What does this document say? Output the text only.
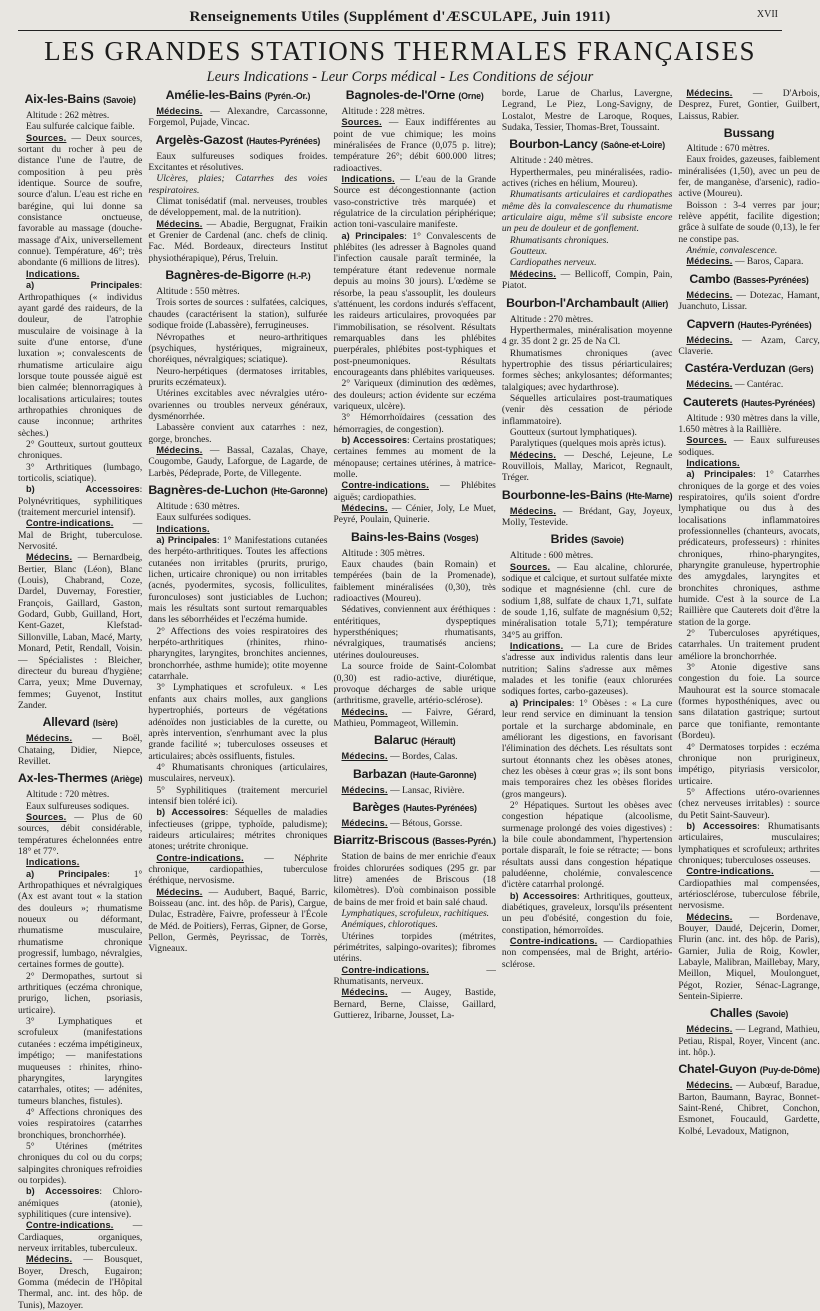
Renseignements Utiles (Supplément d'ÆSCULAPE, Juin 1911)	XVII
LES GRANDES STATIONS THERMALES FRANÇAISES
Leurs Indications - Leur Corps médical - Les Conditions de séjour
Aix-les-Bains (Savoie)

Altitude : 262 mètres.

Eau sulfurée calcique faible.

Sources. — Deux sources, sortant du rocher à peu de distance l'une de l'autre, de composition à peu près identique. Source de soufre, source d'alun. L'eau est riche en barégine, qui lui donne sa consistance onctueuse, favorable au massage (douche-massage d'Aix, universellement connue). Température, 46°; très abondante (6 millions de litres).

Indications.

a) Principales: Arthropathiques (« individus ayant gardé des raideurs, de la douleur, de l'atrophie musculaire de voisinage à la suite d'une entorse, d'une luxation »; convalescents de rhumatisme articulaire aigu lorsque toute poussée aiguë est bien calmée; blennorragiques à localisations articulaires; toutes arthropathies chroniques de cause inconnue; arthrites sèches.)

2° Goutteux, surtout goutteux chroniques.

3° Arthritiques (lumbago, torticolis, sciatique).

b) Accessoires: Polynévritiques, syphilitiques (traitement mercuriel intensif).

Contre-indications. — Mal de Bright, tuberculose. Nervosité.

Médecins. — Bernardbeig, Bertier, Blanc (Léon), Blanc (Louis), Chabrand, Coze, Dardel, Duvernay, Forestier, François, Gaillard, Gaston, Godard, Gubb, Guilland, Hort, Kent-Gazet, Klefstad-Sillonville, Laban, Macé, Marty, Monard, Petit, Rendall, Voisin. — Spécialistes : Bleicher, directeur du bureau d'hygiène; Carra, yeux; Mme Duvernay, femmes; Guyenot, Institut Zander.

Allevard (Isère)

Médecins. — Boël, Chataing, Didier, Niepce, Revillet.

Ax-les-Thermes (Ariège)

Altitude : 720 mètres.

Eaux sulfureuses sodiques.

Sources. — Plus de 60 sources, débit considérable, températures échelonnées entre 18° et 77°.

Indications.

a) Principales: 1° Arthropathiques et névralgiques (Ax est avant tout « la station des douleurs »; rhumatisme noueux ou déformant, rhumatisme musculaire, rhumatisme chronique progressif, lumbago, névralgies, certaines formes de goutte).

2° Dermopathes, surtout si arthritiques (eczéma chronique, prurigo, lichen, psoriasis, urticaire).

3° Lymphatiques et scrofuleux (manifestations cutanées : eczéma impétigineux, impétigo; — manifestations muqueuses : rhinites, rhino-pharyngites, laryngites catarrhales, otites; — adénites, tumeurs blanches, fistules).

4° Affections chroniques des voies respiratoires (catarrhes bronchiques, bronchorrhée).

5° Utérines (métrites chroniques du col ou du corps; salpingites chroniques refroidies ou torpides).

b) Accessoires: Chloro-anémiques (atonie), syphilitiques (cure intensive).

Contre-indications. — Cardiaques, organiques, nerveux irritables, tuberculeux.

Médecins. — Bousquet, Boyer, Dresch, Eugairon; Gomma (médecin de l'Hôpital Thermal, anc. int. des hôp. de Tunis), Mazoyer.

Amélie-les-Bains (Pyrén.-Or.)

Médecins. — Alexandre, Carcassonne, Forgemol, Pujade, Vincac.

Argelès-Gazost (Hautes-Pyrénées)

Eaux sulfureuses sodiques froides. Excitantes et résolutives.

Ulcères, plaies; Catarrhes des voies respiratoires.

Climat tonisédatif (mal. nerveuses, troubles de développement, mal. de la nutrition).

Médecins. — Abadie, Bergugnat, Fraikin et Grenier de Cardenal (anc. chefs de cliniq. Fac. Méd. Bordeaux, directeurs Institut physiothérapique), Pérus, Treluin.

Bagnères-de-Bigorre (H.-P.)

Altitude : 550 mètres.

Trois sortes de sources : sulfatées, calciques, chaudes (caractérisent la station), sulfurée sodique froide (Labassère), ferrugineuses.

Névropathes et neuro-arthritiques (psychiques, hystériques, migraineux, choréiques, névralgiques; sciatique).

Neuro-herpétiques (dermatoses irritables, prurits eczémateux).

Utérines excitables avec névralgies utéro-ovariennes ou troubles nerveux généraux, dysménorrhée.

Labassère convient aux catarrhes : nez, gorge, bronches.

Médecins. — Bassal, Cazalas, Chaye, Cougombe, Gaudy, Laforgue, de Lagarde, de Larbès, Pédeprade, Porte, de Villegente.

Bagnères-de-Luchon (Hte-Garonne)

Altitude : 630 mètres.

Eaux sulfurées sodiques.

Indications.

a) Principales: 1° Manifestations cutanées des herpéto-arthritiques. Toutes les affections cutanées non irritables (prurits, prurigo, lichen, urticaire chronique) ou non irritables (acnés, pyodermites, sycosis, folliculites, furonculoses) sont justiciables de Luchon; mais les résultats sont surtout remarquables dans les séborrhéides et l'eczéma humide.

2° Affections des voies respiratoires des herpéto-arthritiques (rhinites, rhino-pharyngites, laryngites, bronchites anciennes, bronchorrhée, asthme humide); otite moyenne catarrhale.

3° Lymphatiques et scrofuleux. « Les enfants aux chairs molles, aux ganglions hypertrophiés, porteurs de végétations adénoïdes non justiciables de la curette, ou après intervention, s'enrhumant avec la plus grande facilité »; tuberculoses osseuses et articulaires; abcès ossifluents, fistules.

4° Rhumatisants chroniques (articulaires, musculaires, nerveux).

5° Syphilitiques (traitement mercuriel intensif bien toléré ici).

b) Accessoires: Séquelles de maladies infectieuses (grippe, typhoïde, paludisme); raideurs articulaires; métrites chroniques atones; urétrite chronique.

Contre-indications. — Néphrite chronique, cardiopathies, tuberculose éréthique, nervosisme.

Médecins. — Audubert, Baqué, Barric, Boisseau (anc. int. des hôp. de Paris), Cargue, Dulac, Estradère, Faivre, professeur à l'École de Méd. de Poitiers), Ferras, Gipner, de Gorse, Pellon, Germès, Peyrissac, de Torrès, Vigneaux.

Bagnoles-de-l'Orne (Orne)

Altitude : 228 mètres.

Sources. — Eaux indifférentes au point de vue chimique; les moins minéralisées de France (0,075 p. litre); température 26°; débit 600.000 litres; radioactives.

Indications. — L'eau de la Grande Source est décongestionnante (action vaso-constrictive très marquée) et régulatrice de la circulation périphérique; action toni-vasculaire manifeste.

a) Principales: 1° Convalescents de phlébites (les adresser à Bagnoles quand l'infection causale paraît terminée, la température étant redevenue normale depuis au moins 30 jours). L'œdème se résorbe, la peau s'assouplit, les douleurs s'atténuent, les cordons indurés s'effacent, les raideurs articulaires, provoquées par l'immobilisation, se résolvent. Résultats remarquables dans les phlébites puerpérales, phlébites post-typhiques et post-pneumoniques. Résultats encourageants dans phlébites variqueuses.

2° Variqueux (diminution des œdèmes, des douleurs; action évidente sur eczéma variqueux, ulcère).

3° Hémorrhoïdaires (cessation des hémorragies, de congestion).

b) Accessoires: Certains prostatiques; certaines femmes au moment de la ménopause; certaines utérines, à matrice-molle.

Contre-indications. — Phlébites aiguës; cardiopathies.

Médecins. — Cénier, Joly, Le Muet, Peyré, Poulain, Quinerie.

Bains-les-Bains (Vosges)

Altitude : 305 mètres.

Eaux chaudes (bain Romain) et tempérées (bain de la Promenade), faiblement minéralisées (0,30), très radioactives (Moureu).

Sédatives, conviennent aux éréthiques : entéritiques, dyspeptiques hypersthéniques; rhumatisants, névralgiques, traumatisés anciens; utérines douloureuses.

La source froide de Saint-Colombat (0,30) est radio-active, diurétique, provoque décharges de sable urique (arthritisme, gravelle, artério-sclérose).

Médecins. — Faivre, Gérard, Mathieu, Pommageot, Willemin.

Balaruc (Hérault)

Médecins. — Bordes, Calas.

Barbazan (Haute-Garonne)

Médecins. — Lansac, Rivière.

Barèges (Hautes-Pyrénées)

Médecins. — Bétous, Gorsse.

Biarritz-Briscous (Basses-Pyrén.)

Station de bains de mer enrichie d'eaux froides chlorurées sodiques (295 gr. par litre) amenées de Briscous (18 kilomètres). D'où combinaison possible de bains de mer froid et bain salé chaud.

Lymphatiques, scrofuleux, rachitiques.

Anémiques, chlorotiques.

Utérines torpides (métrites, périmétrites, salpingo-ovarites); fibromes utérins.

Contre-indications.	— Rhumatisants, nerveux.

Médecins. — Augey, Bastide, Bernard, Berne, Claisse, Gaillard, Guttierez, Iribarne, Jousset, La-

borde, Larue de Charlus, Lavergne, Legrand, Le Piez, Long-Savigny, de Lostalot, Mestre de Laroque, Roques, Sudaka, Tessier, Thomas-Bret, Toussaint.

Bourbon-Lancy (Saône-et-Loire)

Altitude : 240 mètres.

Hyperthermales, peu minéralisées, radio-actives (riches en hélium, Moureu).

Rhumatisants articulaires et cardiopathes même dès la convalescence du rhumatisme articulaire aigu, même s'il subsiste encore un peu de douleur et de gonflement.

Rhumatisants chroniques.

Goutteux.

Cardiopathes nerveux.

Médecins. — Bellicoff, Compin, Pain, Piatot.

Bourbon-l'Archambault (Allier)

Altitude : 270 mètres.

Hyperthermales, minéralisation moyenne 4 gr. 35 dont 2 gr. 25 de Na Cl.

Rhumatismes chroniques (avec hypertrophie des tissus périarticulaires; formes sèches; ankylosantes; déformantes; talalgiques; avec hydarthrose).

Séquelles articulaires post-traumatiques (venir dès cessation de période inflammatoire).

Goutteux (surtout lymphatiques).

Paralytiques (quelques mois après ictus).

Médecins. — Desché, Lejeune, Le Rouvillois, Mallay, Maricot, Regnault, Tréger.

Bourbonne-les-Bains (Hte-Marne)

Médecins. — Brédant, Gay, Joyeux, Molly, Testevide.

Brides (Savoie)

Altitude : 600 mètres.

Sources. — Eau alcaline, chlorurée, sodique et calcique, et surtout sulfatée mixte sodique et magnésienne (chl. cure de sodium 1,88, sulfate de chaux 1,71, sulfate de soude 1,16, sulfate de magnésium 0,52; minéralisation totale 5,71); température 34°5 au griffon.

Indications. — La cure de Brides s'adresse aux individus ralentis dans leur nutrition; Salins s'adresse aux mêmes malades et les tonifie (eaux chlorurées sodiques fortes, carbo-gazeuses).

a) Principales: 1° Obèses : « La cure leur rend service en diminuant la tension portale et la surcharge abdominale, en améliorant les digestions, en favorisant l'élimination des déchets. Les résultats sont surtout étonnants chez les obèses atones, chez les obèses à cœur gras »; ils sont bons mais temporaires chez les obèses florides (gros mangeurs).

2° Hépatiques. Surtout les obèses avec congestion hépatique (alcoolisme, surmenage prolongé des voies digestives) : la bile coule abondamment, l'hypertension portale disparaît, le foie se rétracte; — bons résultats aussi dans congestion hépatique paludéenne, cholémie, convalescence d'ictère catarrhal prolongé.

b) Accessoires: Arthritiques, goutteux, diabétiques, graveleux, lorsqu'ils présentent un peu d'obésité, congestion du foie, constipation, hémorroïdes.

Contre-indications. — Cardiopathies non compensées, mal de Bright, artério-sclérose.

Médecins. — D'Arbois, Desprez, Furet, Gontier, Guilbert, Laissus, Rabier.

Bussang

Altitude : 670 mètres.

Eaux froides, gazeuses, faiblement minéralisées (1,50), avec un peu de fer, de manganèse, d'arsenic), radio-active (Moureu).

Boisson : 3-4 verres par jour; relève appétit, facilite digestion; grâce à sulfate de soude (0,13), le fer ne constipe pas.

Anémie, convalescence.

Médecins. — Baros, Capara.

Cambo (Basses-Pyrénées)

Médecins. — Dotezac, Hamant, Juanchuto, Lissar.

Capvern (Hautes-Pyrénées)

Médecins. — Azam, Carcy, Claverie.

Castéra-Verduzan (Gers)

Médecins. — Cantérac.

Cauterets (Hautes-Pyrénées)

Altitude : 930 mètres dans la ville, 1.650 mètres à la Raillière.

Sources. — Eaux sulfureuses sodiques.

Indications.

a) Principales: 1° Catarrhes chroniques de la gorge et des voies respiratoires, qu'ils soient d'ordre lymphatique ou dus à des localisations inflammatoires professionnelles (chanteurs, avocats, prédicateurs, professeurs) : rhinites chroniques, rhino-pharyngites, pharyngite granuleuse, hypertrophie des amygdales, laryngites et bronchites chroniques, asthme humide. C'est à la source de La Raillière que Cauterets doit d'être la station de la gorge.

2° Tuberculoses apyrétiques, catarrhales. Un traitement prudent améliore la bronchorrhée.

3° Atonie digestive sans congestion du foie. La source Mauhourat est la source stomacale (formes hyposthéniques, avec ou sans dilatation gastrique; surtout parce que tonifiante, remontante (Bordeu).

4° Dermatoses torpides : eczéma chronique non prurigineux, impétigo, pityriasis versicolor, urticaire.

5° Affections utéro-ovariennes (chez nerveuses irritables) : source du Petit Saint-Sauveur).

b) Accessoires: Rhumatisants articulaires, musculaires; lymphatiques et scrofuleux; arthrites chroniques; tuberculoses osseuses.

Contre-indications.	— Cardiopathies mal compensées, artériosclérose, tuberculose fébrile, nervosisme.

Médecins. — Bordenave, Bouyer, Daudé, Dejcerin, Domer, Flurin (anc. int. des hôp. de Paris), Garnier, Julia de Roig, Kowler, Labayle, Malibran, Maillebay, Mary, Meillon, Miquel, Moulonguet, Pégot, Rozier, Sénac-Lagrange, Sentein-Sipierre.

Challes (Savoie)

Médecins. — Legrand, Mathieu, Petiau, Rispal, Royer, Vincent (anc. int. hôp.).

Chatel-Guyon (Puy-de-Dôme)

Médecins. — Aubœuf, Baradue, Barton, Baumann, Bayrac, Bonnet-Saint-René, Chibret, Conchon, Esmonet, Foucauld, Gardette, Kolbé, Levadoux, Matignon,
